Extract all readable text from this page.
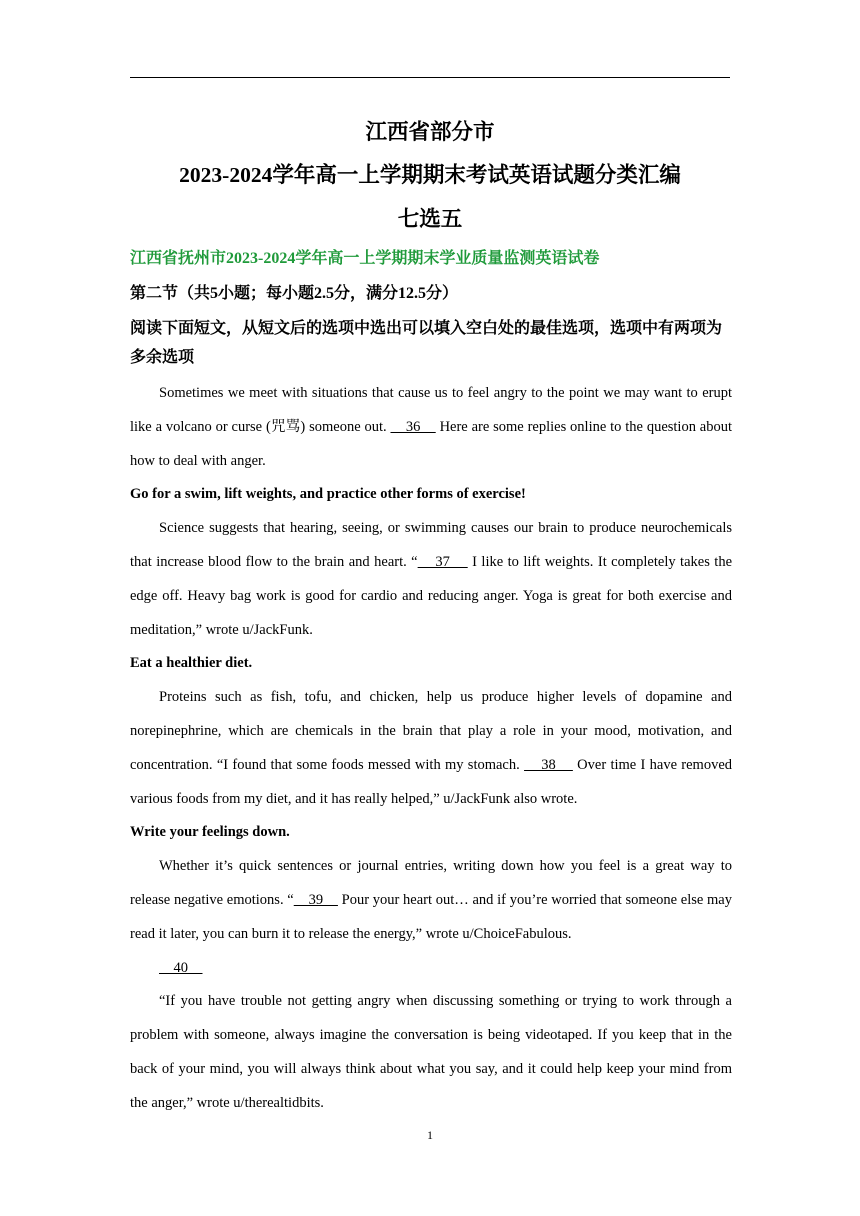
江西省部分市
2023-2024学年高一上学期期末考试英语试题分类汇编
七选五
江西省抚州市2023-2024学年高一上学期期末学业质量监测英语试卷
第二节（共5小题；每小题2.5分，满分12.5分）
阅读下面短文，从短文后的选项中选出可以填入空白处的最佳选项，选项中有两项为多余选项

Sometimes we meet with situations that cause us to feel angry to the point we may want to erupt like a volcano or curse (咒骂) someone out.     36     Here are some replies online to the question about how to deal with anger.

Go for a swim, lift weights, and practice other forms of exercise!

Science suggests that hearing, seeing, or swimming causes our brain to produce neurochemicals that increase blood flow to the brain and heart. “    37     I like to lift weights. It completely takes the edge off. Heavy bag work is good for cardio and reducing anger. Yoga is great for both exercise and meditation,” wrote u/JackFunk.

Eat a healthier diet.

Proteins such as fish, tofu, and chicken, help us produce higher levels of dopamine and norepinephrine, which are chemicals in the brain that play a role in your mood, motivation, and concentration. “I found that some foods messed with my stomach.     38     Over time I have removed various foods from my diet, and it has really helped,” u/JackFunk also wrote.

Write your feelings down.

Whether it’s quick sentences or journal entries, writing down how you feel is a great way to release negative emotions. “    39     Pour your heart out… and if you’re worried that someone else may read it later, you can burn it to release the energy,” wrote u/ChoiceFabulous.

40

“If you have trouble not getting angry when discussing something or trying to work through a problem with someone, always imagine the conversation is being videotaped. If you keep that in the back of your mind, you will always think about what you say, and it could help keep your mind from the anger,” wrote u/therealtidbits.

1
